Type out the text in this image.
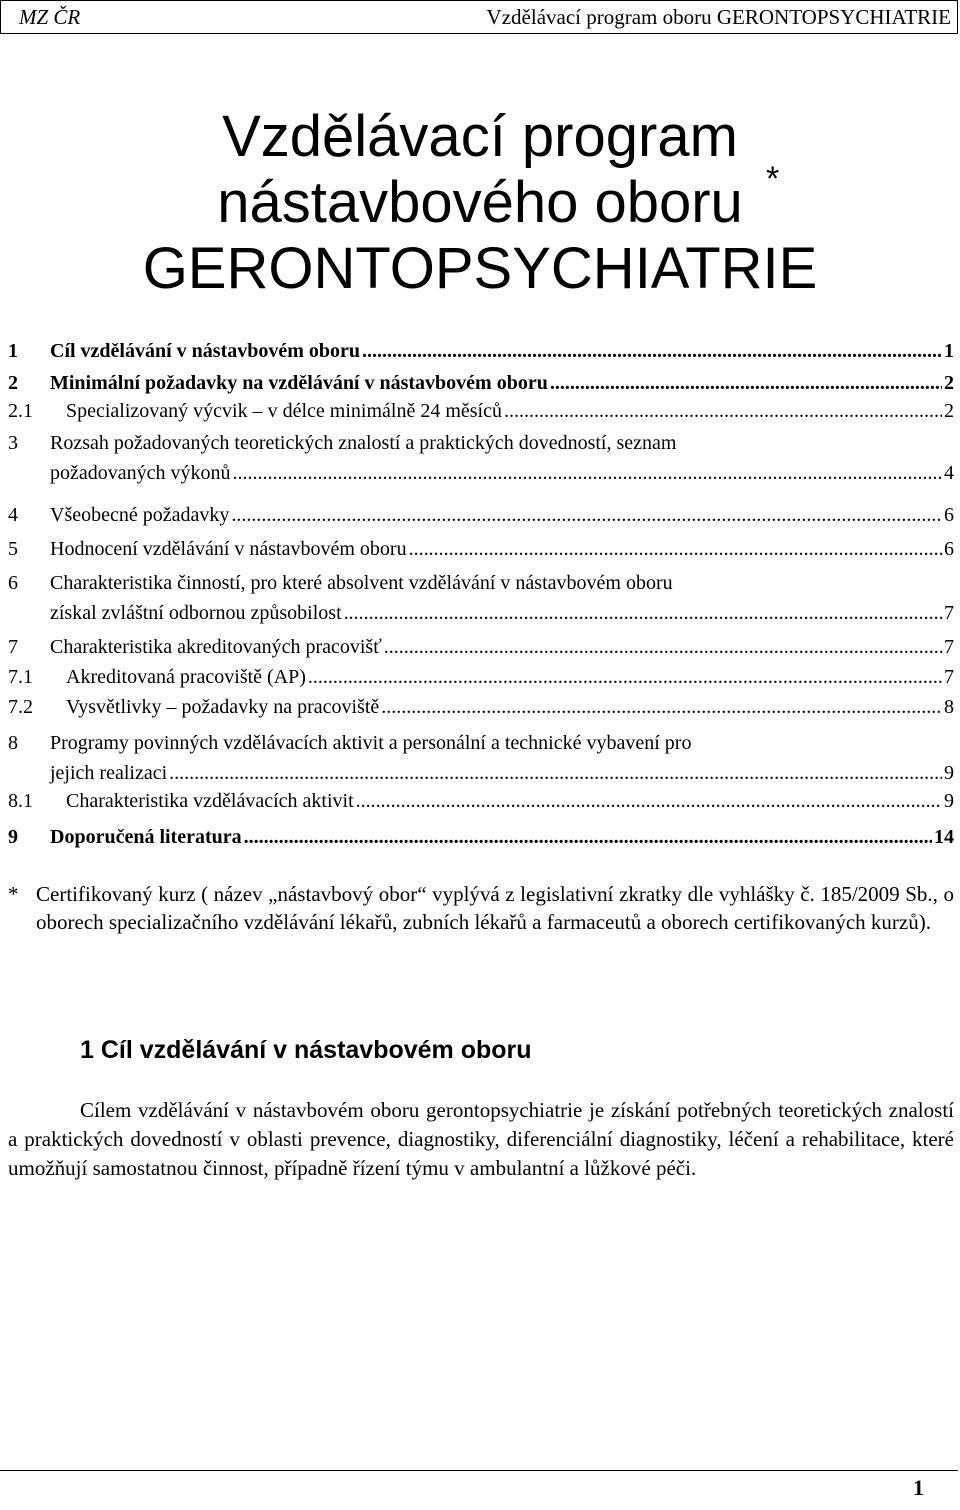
MZ ČR	Vzdělávací program oboru GERONTOPSYCHIATRIE
Vzdělávací program
nástavbového oboru
GERONTOPSYCHIATRIE
*
1 Cíl vzdělávání v nástavbovém oboru .....	1
2 Minimální požadavky na vzdělávání v nástavbovém oboru .....	2
2.1 Specializovaný výcvik – v délce minimálně 24 měsíců .....	2
3 Rozsah požadovaných teoretických znalostí a praktických dovedností, seznam
požadovaných výkonů .....	4
4 Všeobecné požadavky .....	6
5 Hodnocení vzdělávání v nástavbovém oboru .....	6
6 Charakteristika činností, pro které absolvent vzdělávání v nástavbovém oboru
získal zvláštní odbornou způsobilost .....	7
7 Charakteristika akreditovaných pracovišť .....	7
7.1 Akreditovaná pracoviště (AP) .....	7
7.2 Vysvětlivky – požadavky na pracoviště .....	8
8 Programy povinných vzdělávacích aktivit a personální a technické vybavení pro
jejich realizaci .....	9
8.1 Charakteristika vzdělávacích aktivit .....	9
9 Doporučená literatura .....	14
* Certifikovaný kurz ( název „nástavbový obor“ vyplývá z legislativní zkratky dle vyhlášky č. 185/2009 Sb., o oborech specializačního vzdělávání lékařů, zubních lékařů a farmaceutů a oborech certifikovaných kurzů).
1 Cíl vzdělávání v nástavbovém oboru
Cílem vzdělávání v nástavbovém oboru gerontopsychiatrie je získání potřebných teoretických znalostí a praktických dovedností v oblasti prevence, diagnostiky, diferenciální diagnostiky, léčení a rehabilitace, které umožňují samostatnou činnost, případně řízení týmu v ambulantní a lůžkové péči.
1
